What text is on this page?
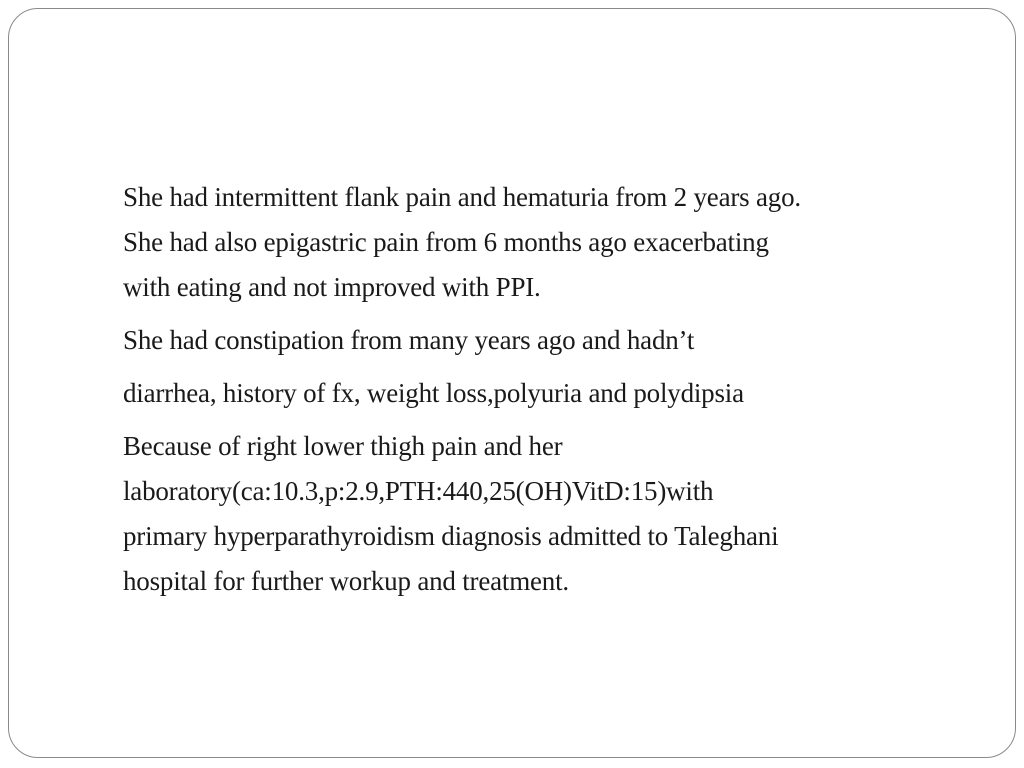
She had intermittent flank pain and hematuria from 2 years ago.
She had also epigastric pain from 6 months ago exacerbating
with eating and not improved with PPI.

She had constipation from many years ago and hadn’t

diarrhea, history of fx, weight loss,polyuria and polydipsia

Because of right lower thigh pain and her
laboratory(ca:10.3,p:2.9,PTH:440,25(OH)VitD:15)with
primary hyperparathyroidism diagnosis admitted to Taleghani
hospital for further workup and treatment.
